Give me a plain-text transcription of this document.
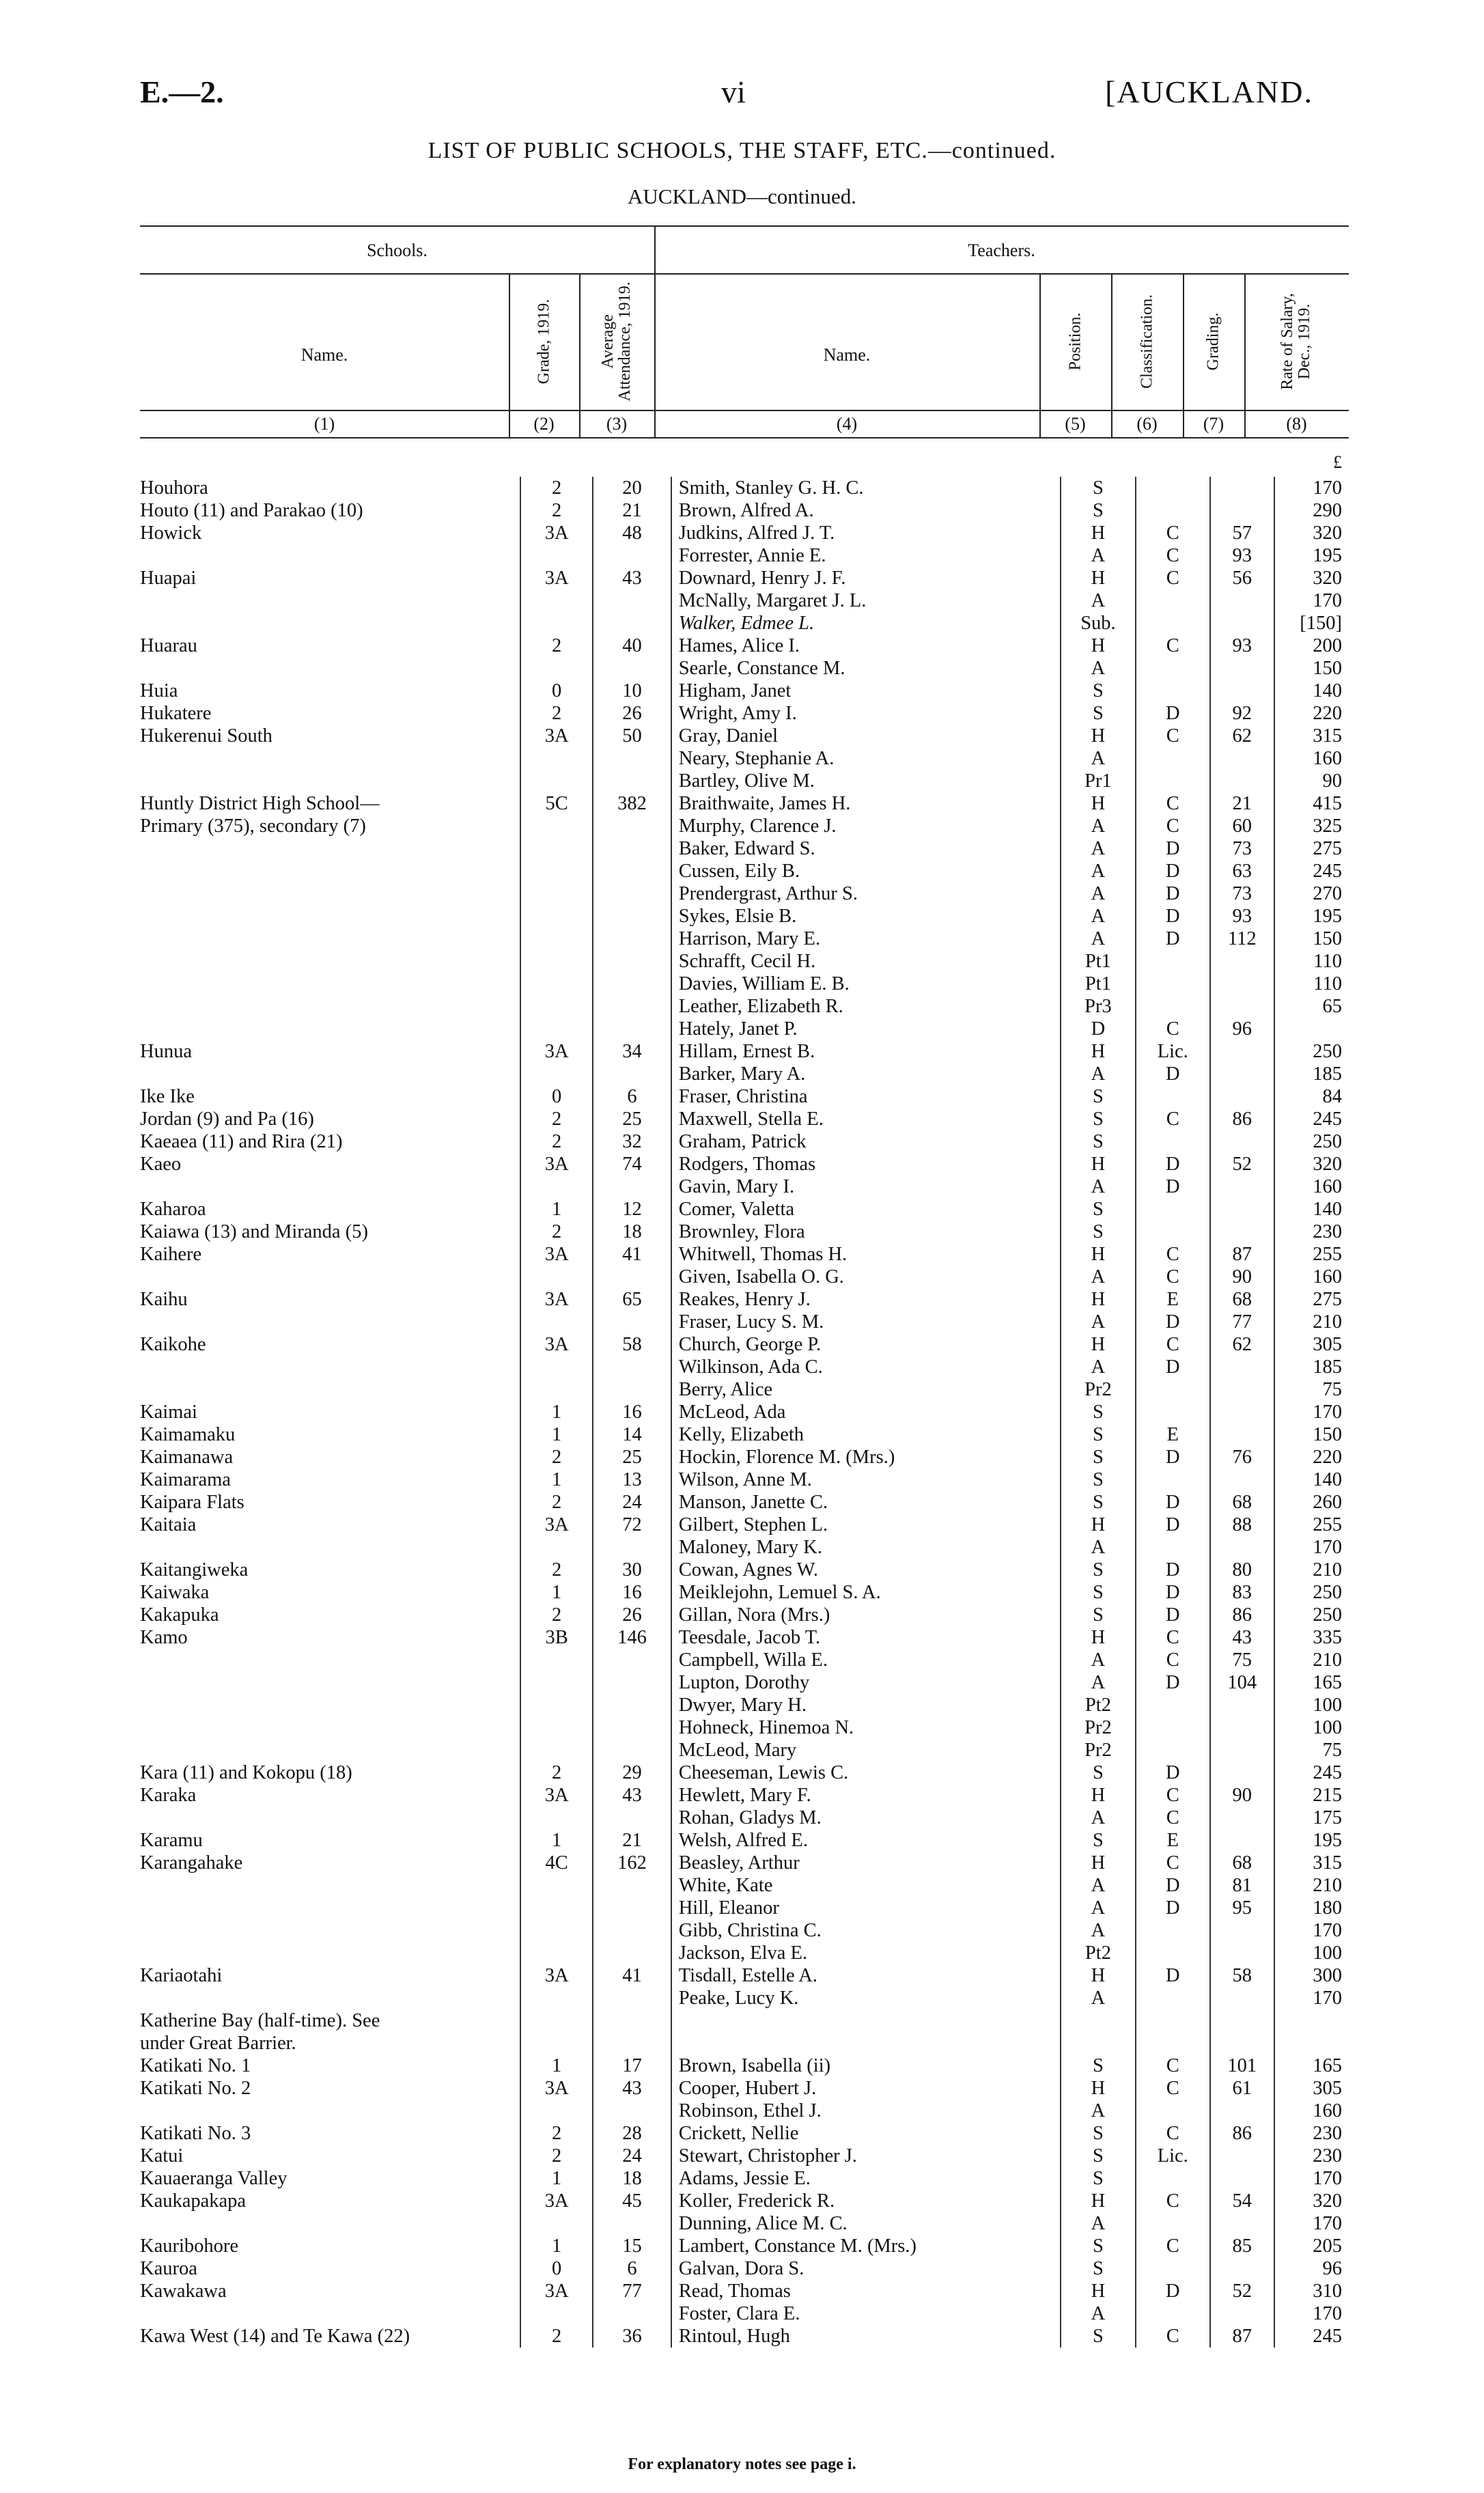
E.—2.	vi	[AUCKLAND.
LIST OF PUBLIC SCHOOLS, THE STAFF, ETC.—continued.
AUCKLAND—continued.
Schools.	Teachers.
Name.	Grade, 1919.	Average Attendance, 1919.	Name.	Position.	Classification.	Grading.	Rate of Salary, Dec., 1919.
(1)	(2)	(3)	(4)	(5)	(6)	(7)	(8)
£
Houhora	2	20	Smith, Stanley G. H. C.	S			170
Houto (11) and Parakao (10)	2	21	Brown, Alfred A.	S			290
Howick	3A	48	Judkins, Alfred J. T.	H	C	57	320
			Forrester, Annie E.	A	C	93	195
Huapai	3A	43	Downard, Henry J. F.	H	C	56	320
			McNally, Margaret J. L.	A			170
			Walker, Edmee L.	Sub.			[150]
Huarau	2	40	Hames, Alice I.	H	C	93	200
			Searle, Constance M.	A			150
Huia	0	10	Higham, Janet	S			140
Hukatere	2	26	Wright, Amy I.	S	D	92	220
Hukerenui South	3A	50	Gray, Daniel	H	C	62	315
			Neary, Stephanie A.	A			160
			Bartley, Olive M.	Pr1			90
Huntly District High School—	5C	382	Braithwaite, James H.	H	C	21	415
Primary (375), secondary (7)			Murphy, Clarence J.	A	C	60	325
			Baker, Edward S.	A	D	73	275
			Cussen, Eily B.	A	D	63	245
			Prendergrast, Arthur S.	A	D	73	270
			Sykes, Elsie B.	A	D	93	195
			Harrison, Mary E.	A	D	112	150
			Schrafft, Cecil H.	Pt1			110
			Davies, William E. B.	Pt1			110
			Leather, Elizabeth R.	Pr3			65
			Hately, Janet P.	D	C	96	
Hunua	3A	34	Hillam, Ernest B.	H	Lic.		250
			Barker, Mary A.	A	D		185
Ike Ike	0	6	Fraser, Christina	S			84
Jordan (9) and Pa (16)	2	25	Maxwell, Stella E.	S	C	86	245
Kaeaea (11) and Rira (21)	2	32	Graham, Patrick	S			250
Kaeo	3A	74	Rodgers, Thomas	H	D	52	320
			Gavin, Mary I.	A	D		160
Kaharoa	1	12	Comer, Valetta	S			140
Kaiawa (13) and Miranda (5)	2	18	Brownley, Flora	S			230
Kaihere	3A	41	Whitwell, Thomas H.	H	C	87	255
			Given, Isabella O. G.	A	C	90	160
Kaihu	3A	65	Reakes, Henry J.	H	E	68	275
			Fraser, Lucy S. M.	A	D	77	210
Kaikohe	3A	58	Church, George P.	H	C	62	305
			Wilkinson, Ada C.	A	D		185
			Berry, Alice	Pr2			75
Kaimai	1	16	McLeod, Ada	S			170
Kaimamaku	1	14	Kelly, Elizabeth	S	E		150
Kaimanawa	2	25	Hockin, Florence M. (Mrs.)	S	D	76	220
Kaimarama	1	13	Wilson, Anne M.	S			140
Kaipara Flats	2	24	Manson, Janette C.	S	D	68	260
Kaitaia	3A	72	Gilbert, Stephen L.	H	D	88	255
			Maloney, Mary K.	A			170
Kaitangiweka	2	30	Cowan, Agnes W.	S	D	80	210
Kaiwaka	1	16	Meiklejohn, Lemuel S. A.	S	D	83	250
Kakapuka	2	26	Gillan, Nora (Mrs.)	S	D	86	250
Kamo	3B	146	Teesdale, Jacob T.	H	C	43	335
			Campbell, Willa E.	A	C	75	210
			Lupton, Dorothy	A	D	104	165
			Dwyer, Mary H.	Pt2			100
			Hohneck, Hinemoa N.	Pr2			100
			McLeod, Mary	Pr2			75
Kara (11) and Kokopu (18)	2	29	Cheeseman, Lewis C.	S	D		245
Karaka	3A	43	Hewlett, Mary F.	H	C	90	215
			Rohan, Gladys M.	A	C		175
Karamu	1	21	Welsh, Alfred E.	S	E		195
Karangahake	4C	162	Beasley, Arthur	H	C	68	315
			White, Kate	A	D	81	210
			Hill, Eleanor	A	D	95	180
			Gibb, Christina C.	A			170
			Jackson, Elva E.	Pt2			100
Kariaotahi	3A	41	Tisdall, Estelle A.	H	D	58	300
			Peake, Lucy K.	A			170
Katherine Bay (half-time). See							
under Great Barrier.							
Katikati No. 1	1	17	Brown, Isabella (ii)	S	C	101	165
Katikati No. 2	3A	43	Cooper, Hubert J.	H	C	61	305
			Robinson, Ethel J.	A			160
Katikati No. 3	2	28	Crickett, Nellie	S	C	86	230
Katui	2	24	Stewart, Christopher J.	S	Lic.		230
Kauaeranga Valley	1	18	Adams, Jessie E.	S			170
Kaukapakapa	3A	45	Koller, Frederick R.	H	C	54	320
			Dunning, Alice M. C.	A			170
Kauribohore	1	15	Lambert, Constance M. (Mrs.)	S	C	85	205
Kauroa	0	6	Galvan, Dora S.	S			96
Kawakawa	3A	77	Read, Thomas	H	D	52	310
			Foster, Clara E.	A			170
Kawa West (14) and Te Kawa (22)	2	36	Rintoul, Hugh	S	C	87	245
For explanatory notes see page i.
